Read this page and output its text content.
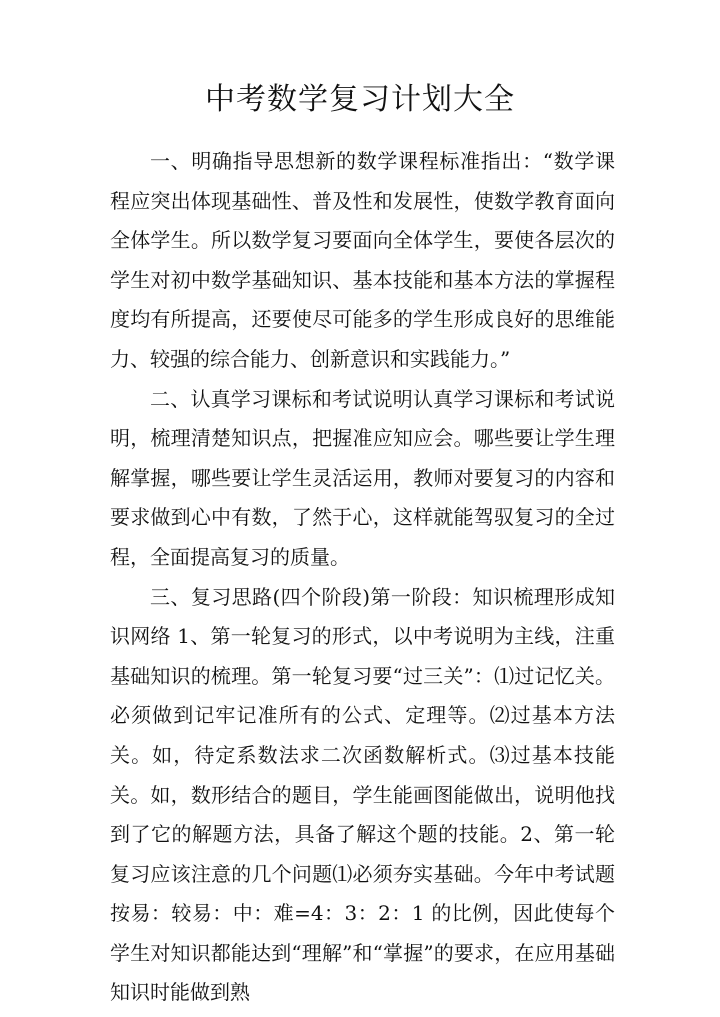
中考数学复习计划大全

一、明确指导思想新的数学课程标准指出：“数学课程应突出体现基础性、普及性和发展性，使数学教育面向全体学生。所以数学复习要面向全体学生，要使各层次的学生对初中数学基础知识、基本技能和基本方法的掌握程度均有所提高，还要使尽可能多的学生形成良好的思维能力、较强的综合能力、创新意识和实践能力。”

二、认真学习课标和考试说明认真学习课标和考试说明，梳理清楚知识点，把握准应知应会。哪些要让学生理解掌握，哪些要让学生灵活运用，教师对要复习的内容和要求做到心中有数，了然于心，这样就能驾驭复习的全过程，全面提高复习的质量。

三、复习思路(四个阶段)第一阶段：知识梳理形成知识网络 1、第一轮复习的形式，以中考说明为主线，注重基础知识的梳理。第一轮复习要“过三关”：⑴过记忆关。必须做到记牢记准所有的公式、定理等。⑵过基本方法关。如，待定系数法求二次函数解析式。⑶过基本技能关。如，数形结合的题目，学生能画图能做出，说明他找到了它的解题方法，具备了解这个题的技能。2、第一轮复习应该注意的几个问题⑴必须夯实基础。今年中考试题按易：较易：中：难=4：3：2：1 的比例，因此使每个学生对知识都能达到“理解”和“掌握”的要求，在应用基础知识时能做到熟
